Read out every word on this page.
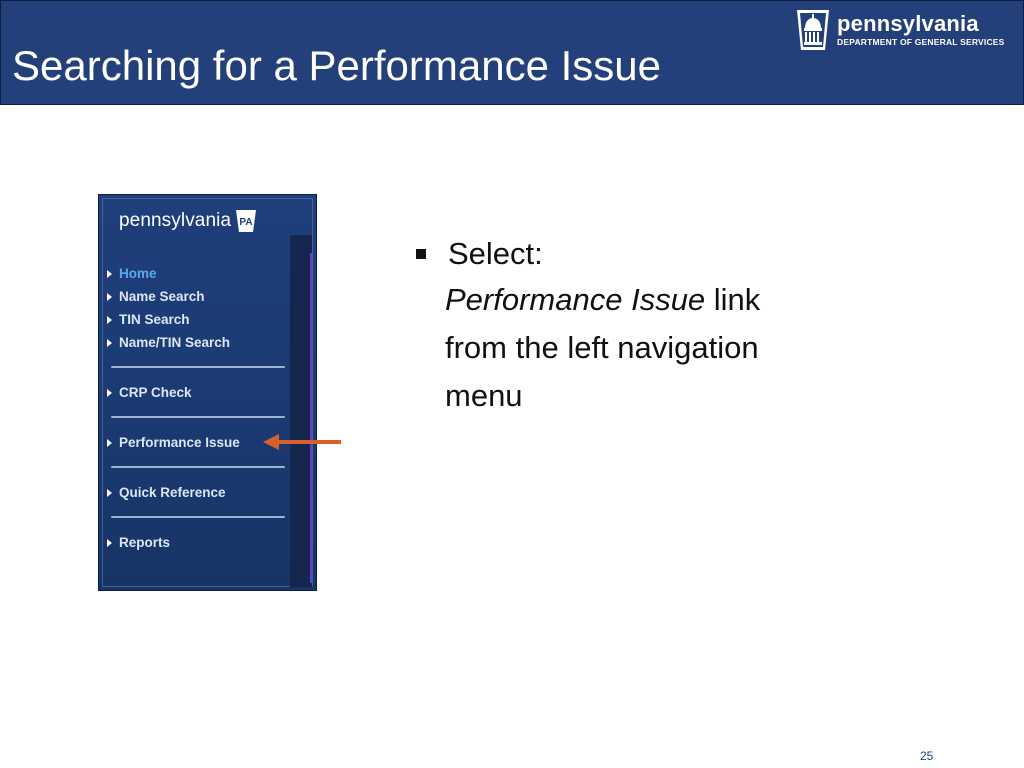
Searching for a Performance Issue
pennsylvania
DEPARTMENT OF GENERAL SERVICES
pennsylvania PA
Home
Name Search
TIN Search
Name/TIN Search
CRP Check
Performance Issue
Quick Reference
Reports
Select:
Performance Issue link
from the left navigation
menu
25
